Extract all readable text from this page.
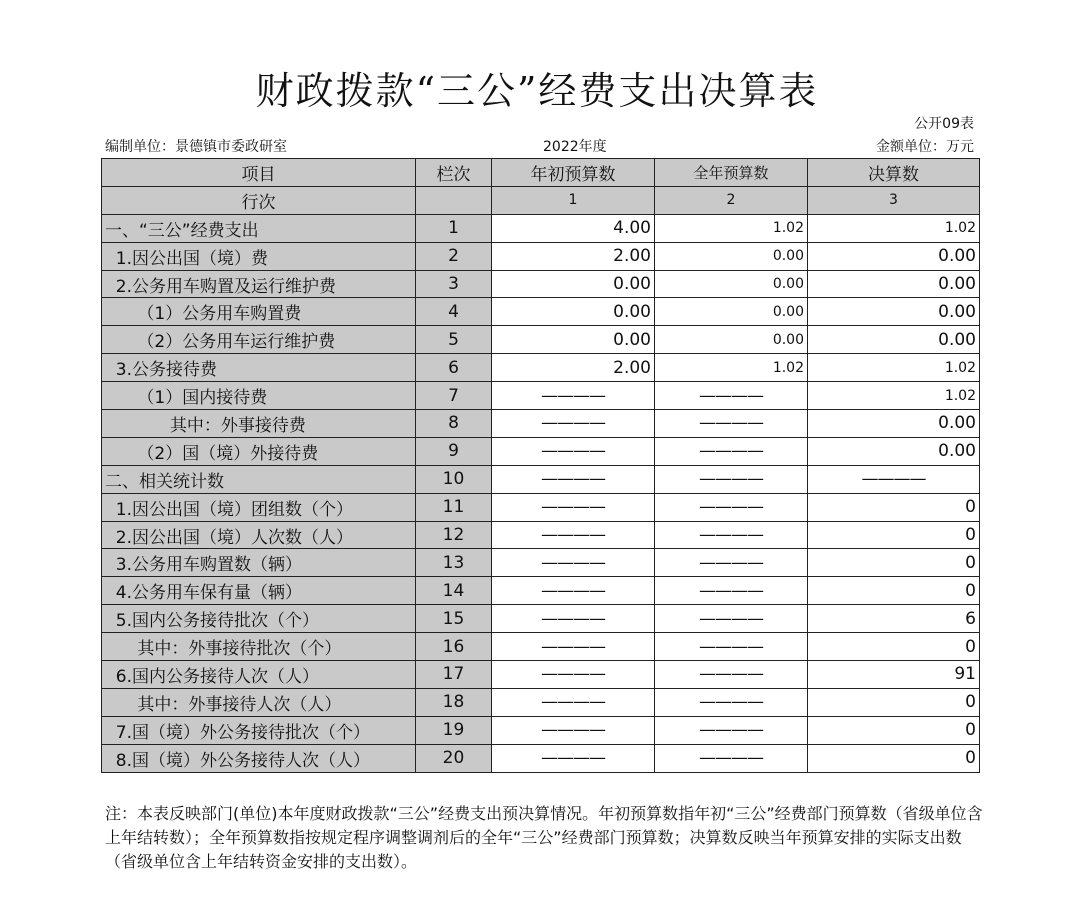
财政拨款“三公”经费支出决算表
公开09表
编制单位：景德镇市委政研室	2022年度	金额单位：万元
项目	栏次	年初预算数	全年预算数	决算数
行次		1	2	3
一、“三公”经费支出	1	4.00	1.02	1.02
1.因公出国（境）费	2	2.00	0.00	0.00
2.公务用车购置及运行维护费	3	0.00	0.00	0.00
（1）公务用车购置费	4	0.00	0.00	0.00
（2）公务用车运行维护费	5	0.00	0.00	0.00
3.公务接待费	6	2.00	1.02	1.02
（1）国内接待费	7	————	————	1.02
其中：外事接待费	8	————	————	0.00
（2）国（境）外接待费	9	————	————	0.00
二、相关统计数	10	————	————	————
1.因公出国（境）团组数（个）	11	————	————	0
2.因公出国（境）人次数（人）	12	————	————	0
3.公务用车购置数（辆）	13	————	————	0
4.公务用车保有量（辆）	14	————	————	0
5.国内公务接待批次（个）	15	————	————	6
其中：外事接待批次（个）	16	————	————	0
6.国内公务接待人次（人）	17	————	————	91
其中：外事接待人次（人）	18	————	————	0
7.国（境）外公务接待批次（个）	19	————	————	0
8.国（境）外公务接待人次（人）	20	————	————	0
注：本表反映部门(单位)本年度财政拨款“三公”经费支出预决算情况。年初预算数指年初“三公”经费部门预算数（省级单位含上年结转数）；全年预算数指按规定程序调整调剂后的全年“三公”经费部门预算数；决算数反映当年预算安排的实际支出数（省级单位含上年结转资金安排的支出数）。
